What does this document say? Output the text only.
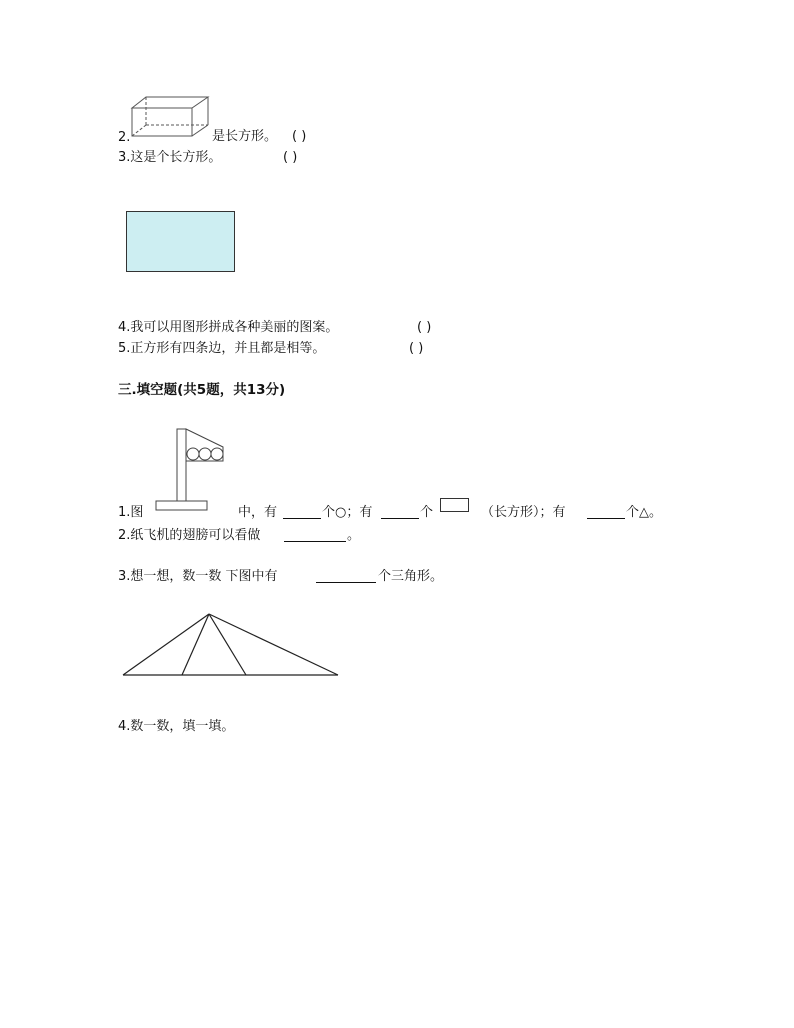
2.	是长方形。 ( )
3.这是个长方形。	( )
4.我可以用图形拼成各种美丽的图案。	( )
5.正方形有四条边，并且都是相等。	( )
三.填空题(共5题，共13分)
1.图	中，有	个○；有	个	（长方形）；有	个△。
2.纸飞机的翅膀可以看做	。
3.想一想，数一数 下图中有	个三角形。
4.数一数，填一填。
